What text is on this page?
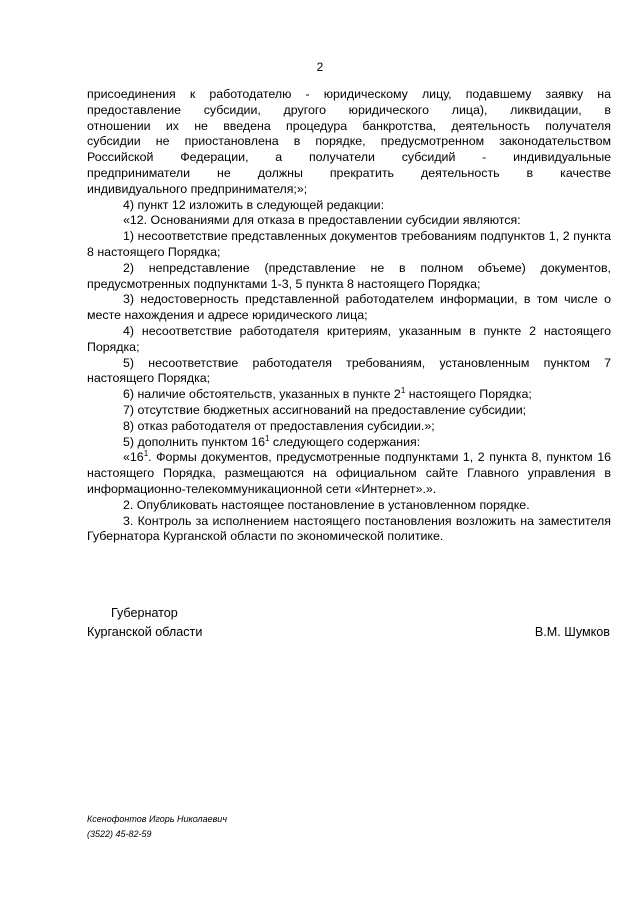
2

присоединения к работодателю - юридическому лицу, подавшему заявку на
предоставление субсидии, другого юридического лица), ликвидации, в
отношении их не введена процедура банкротства, деятельность получателя
субсидии не приостановлена в порядке, предусмотренном законодательством
Российской Федерации, а получатели субсидий - индивидуальные
предприниматели не должны прекратить деятельность в качестве
индивидуального предпринимателя;»;

4) пункт 12 изложить в следующей редакции:

«12. Основаниями для отказа в предоставлении субсидии являются:

1) несоответствие представленных документов требованиям подпунктов 1, 2 пункта 8 настоящего Порядка;

2) непредставление (представление не в полном объеме) документов, предусмотренных подпунктами 1-3, 5 пункта 8 настоящего Порядка;

3) недостоверность представленной работодателем информации, в том числе о месте нахождения и адресе юридического лица;

4) несоответствие работодателя критериям, указанным в пункте 2 настоящего Порядка;

5) несоответствие работодателя требованиям, установленным пунктом 7 настоящего Порядка;

6) наличие обстоятельств, указанных в пункте $2^1$ настоящего Порядка;

7) отсутствие бюджетных ассигнований на предоставление субсидии;

8) отказ работодателя от предоставления субсидии.»;

5) дополнить пунктом $16^1$ следующего содержания:

«$16^1$. Формы документов, предусмотренные подпунктами 1, 2 пункта 8, пунктом 16 настоящего Порядка, размещаются на официальном сайте Главного управления в информационно-телекоммуникационной сети «Интернет».».

2. Опубликовать настоящее постановление в установленном порядке.

3. Контроль за исполнением настоящего постановления возложить на заместителя Губернатора Курганской области по экономической политике.

Губернатор
Курганской области	В.М. Шумков
Ксенофонтов Игорь Николаевич
(3522) 45-82-59
